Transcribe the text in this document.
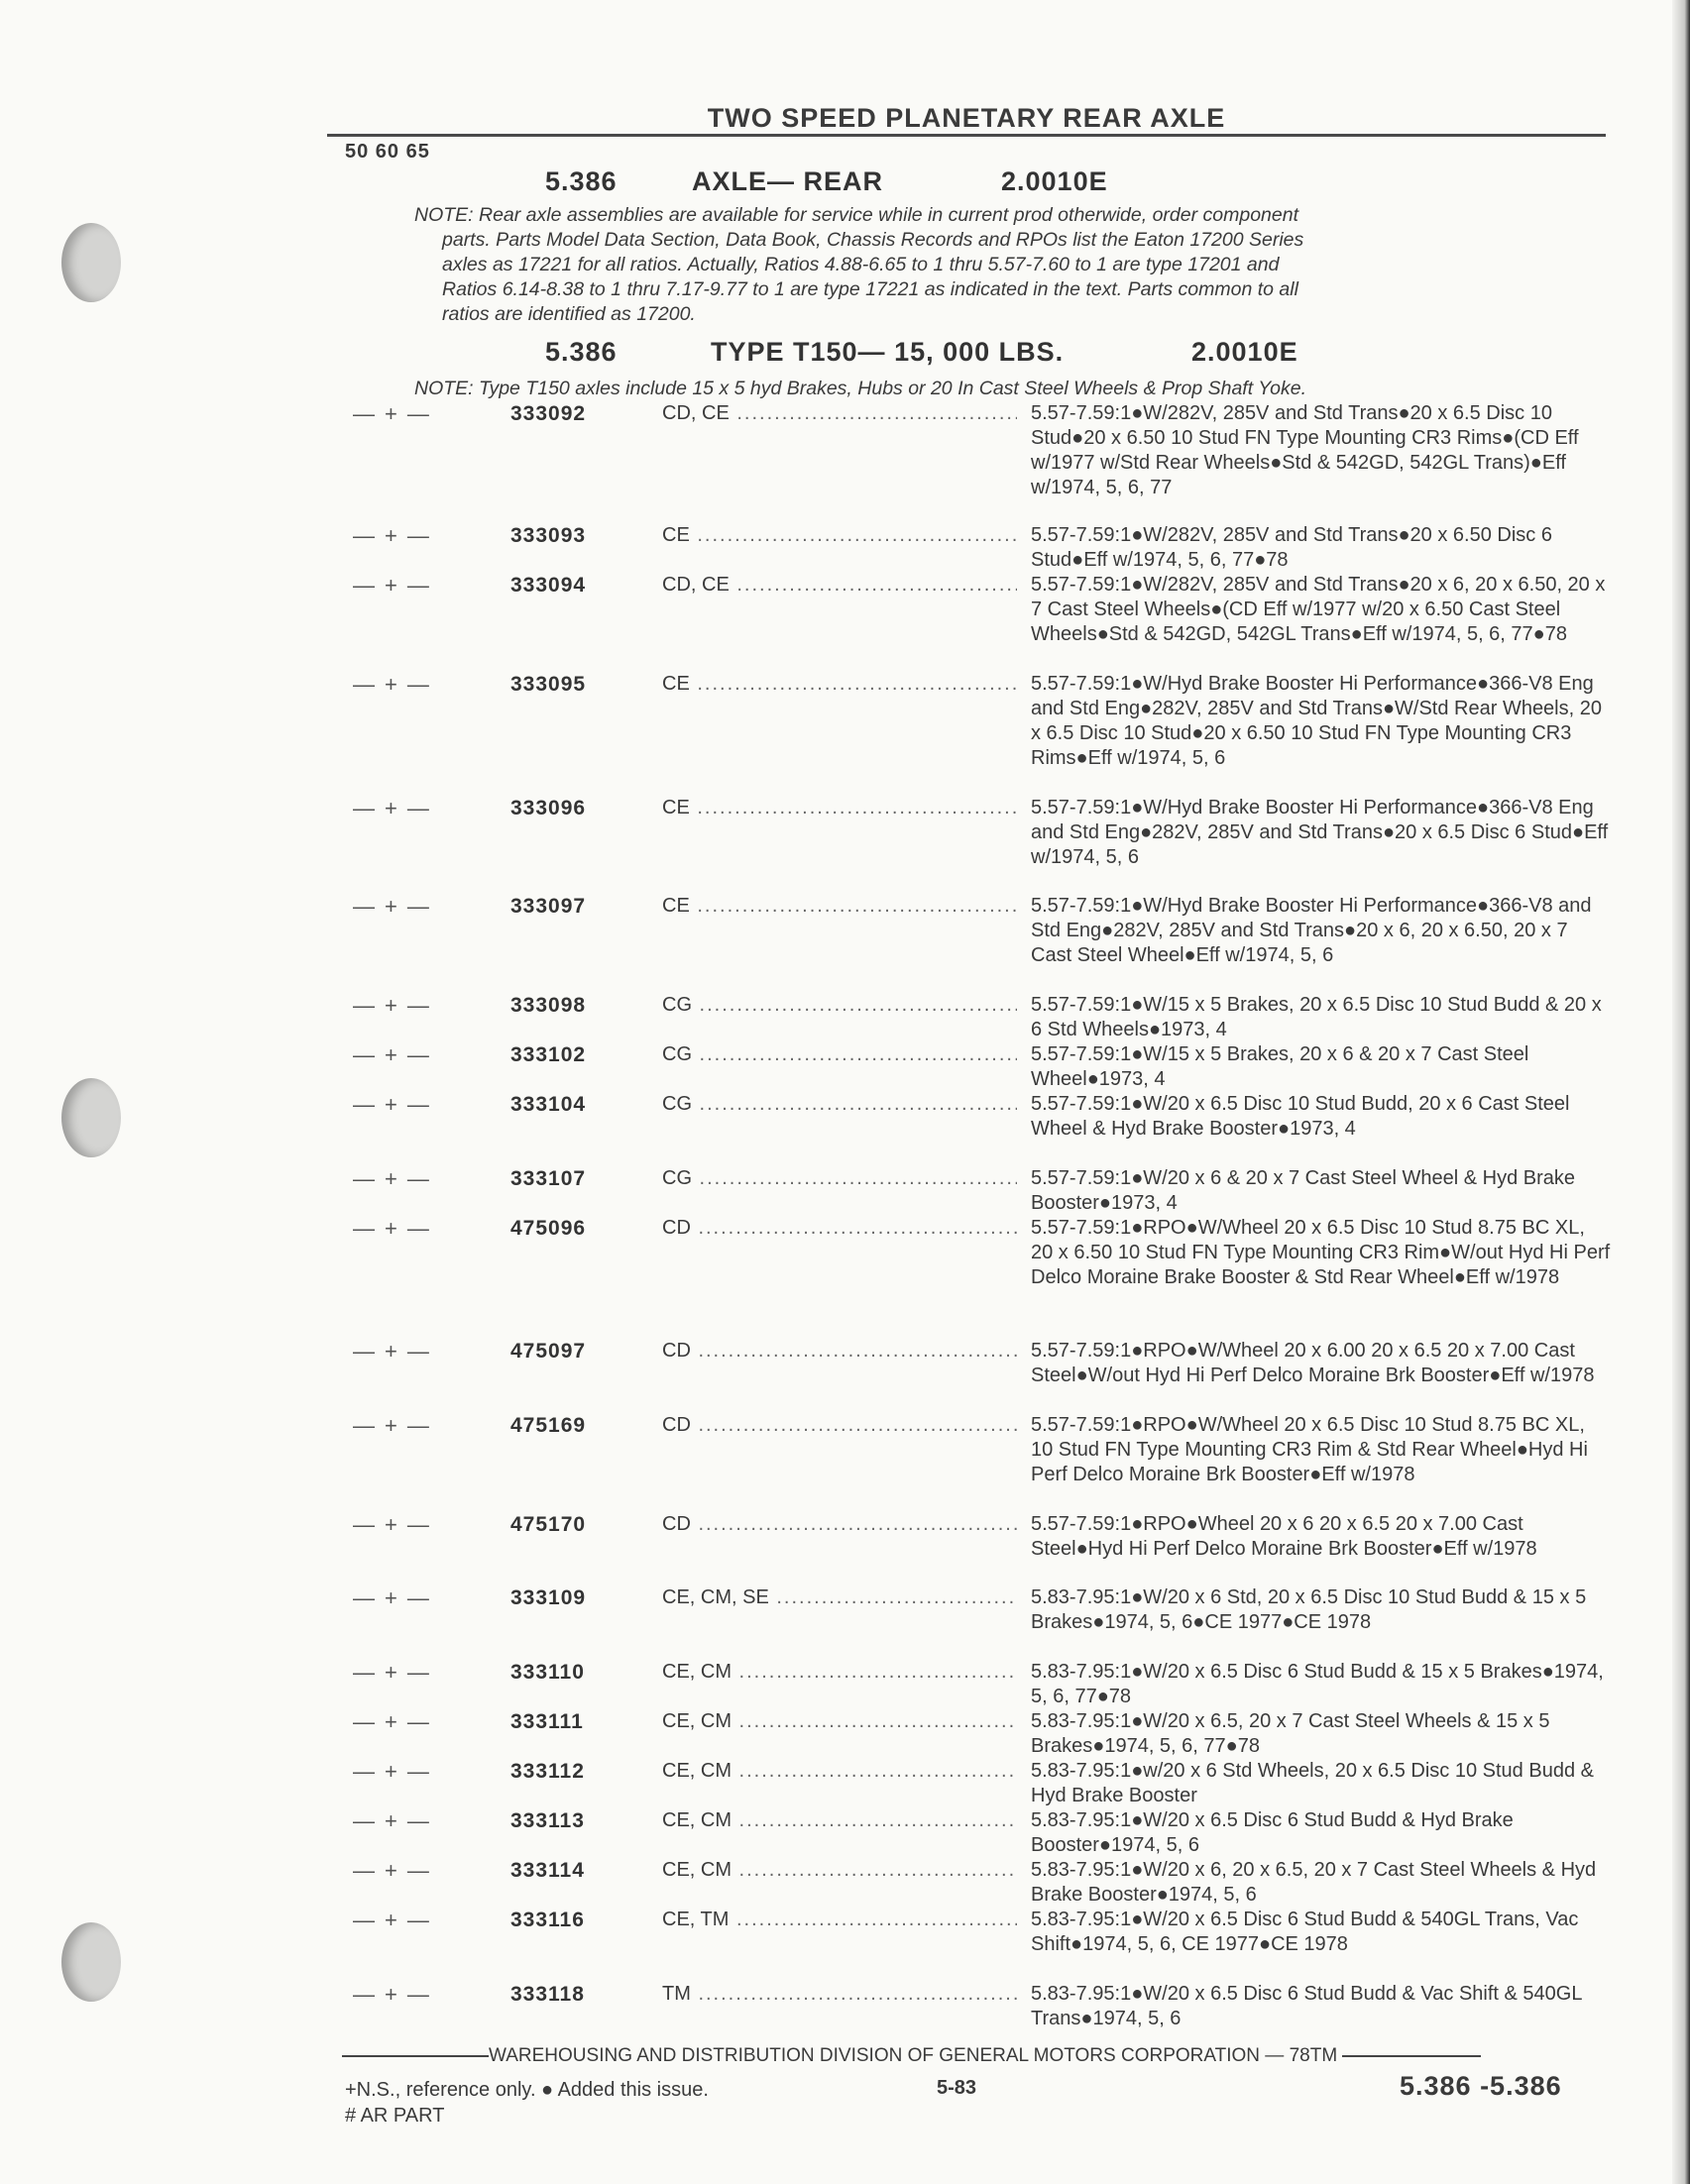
TWO SPEED PLANETARY REAR AXLE
50 60 65
5.386	AXLE— REAR	2.0010E
NOTE: Rear axle assemblies are available for service while in current prod otherwide, order component
parts. Parts Model Data Section, Data Book, Chassis Records and RPOs list the Eaton 17200 Series
axles as 17221 for all ratios. Actually, Ratios 4.88-6.65 to 1 thru 5.57-7.60 to 1 are type 17201 and
Ratios 6.14-8.38 to 1 thru 7.17-9.77 to 1 are type 17221 as indicated in the text. Parts common to all
ratios are identified as 17200.
5.386	TYPE T150— 15, 000 LBS.	2.0010E
NOTE: Type T150 axles include 15 x 5 hyd Brakes, Hubs or 20 In Cast Steel Wheels & Prop Shaft Yoke.
—+—	333092	CD, CE .....	5.57-7.59:1●W/282V, 285V and Std Trans●20 x 6.5 Disc 10 Stud●20 x 6.50 10 Stud FN Type Mounting CR3 Rims●(CD Eff w/1977 w/Std Rear Wheels●Std & 542GD, 542GL Trans)●Eff w/1974, 5, 6, 77
—+—	333093	CE .....	5.57-7.59:1●W/282V, 285V and Std Trans●20 x 6.50 Disc 6 Stud●Eff w/1974, 5, 6, 77●78
—+—	333094	CD, CE .....	5.57-7.59:1●W/282V, 285V and Std Trans●20 x 6, 20 x 6.50, 20 x 7 Cast Steel Wheels●(CD Eff w/1977 w/20 x 6.50 Cast Steel Wheels●Std & 542GD, 542GL Trans●Eff w/1974, 5, 6, 77●78
—+—	333095	CE .....	5.57-7.59:1●W/Hyd Brake Booster Hi Performance●366-V8 Eng and Std Eng●282V, 285V and Std Trans●W/Std Rear Wheels, 20 x 6.5 Disc 10 Stud●20 x 6.50 10 Stud FN Type Mounting CR3 Rims●Eff w/1974, 5, 6
—+—	333096	CE .....	5.57-7.59:1●W/Hyd Brake Booster Hi Performance●366-V8 Eng and Std Eng●282V, 285V and Std Trans●20 x 6.5 Disc 6 Stud●Eff w/1974, 5, 6
—+—	333097	CE .....	5.57-7.59:1●W/Hyd Brake Booster Hi Performance●366-V8 and Std Eng●282V, 285V and Std Trans●20 x 6, 20 x 6.50, 20 x 7 Cast Steel Wheel●Eff w/1974, 5, 6
—+—	333098	CG .....	5.57-7.59:1●W/15 x 5 Brakes, 20 x 6.5 Disc 10 Stud Budd & 20 x 6 Std Wheels●1973, 4
—+—	333102	CG .....	5.57-7.59:1●W/15 x 5 Brakes, 20 x 6 & 20 x 7 Cast Steel Wheel●1973, 4
—+—	333104	CG .....	5.57-7.59:1●W/20 x 6.5 Disc 10 Stud Budd, 20 x 6 Cast Steel Wheel & Hyd Brake Booster●1973, 4
—+—	333107	CG .....	5.57-7.59:1●W/20 x 6 & 20 x 7 Cast Steel Wheel & Hyd Brake Booster●1973, 4
—+—	475096	CD .....	5.57-7.59:1●RPO●W/Wheel 20 x 6.5 Disc 10 Stud 8.75 BC XL, 20 x 6.50 10 Stud FN Type Mounting CR3 Rim●W/out Hyd Hi Perf Delco Moraine Brake Booster & Std Rear Wheel●Eff w/1978
—+—	475097	CD .....	5.57-7.59:1●RPO●W/Wheel 20 x 6.00 20 x 6.5 20 x 7.00 Cast Steel●W/out Hyd Hi Perf Delco Moraine Brk Booster●Eff w/1978
—+—	475169	CD .....	5.57-7.59:1●RPO●W/Wheel 20 x 6.5 Disc 10 Stud 8.75 BC XL, 10 Stud FN Type Mounting CR3 Rim & Std Rear Wheel●Hyd Hi Perf Delco Moraine Brk Booster●Eff w/1978
—+—	475170	CD .....	5.57-7.59:1●RPO●Wheel 20 x 6 20 x 6.5 20 x 7.00 Cast Steel●Hyd Hi Perf Delco Moraine Brk Booster●Eff w/1978
—+—	333109	CE, CM, SE .....	5.83-7.95:1●W/20 x 6 Std, 20 x 6.5 Disc 10 Stud Budd & 15 x 5 Brakes●1974, 5, 6●CE 1977●CE 1978
—+—	333110	CE, CM .....	5.83-7.95:1●W/20 x 6.5 Disc 6 Stud Budd & 15 x 5 Brakes●1974, 5, 6, 77●78
—+—	333111	CE, CM .....	5.83-7.95:1●W/20 x 6.5, 20 x 7 Cast Steel Wheels & 15 x 5 Brakes●1974, 5, 6, 77●78
—+—	333112	CE, CM .....	5.83-7.95:1●w/20 x 6 Std Wheels, 20 x 6.5 Disc 10 Stud Budd & Hyd Brake Booster
—+—	333113	CE, CM .....	5.83-7.95:1●W/20 x 6.5 Disc 6 Stud Budd & Hyd Brake Booster●1974, 5, 6
—+—	333114	CE, CM .....	5.83-7.95:1●W/20 x 6, 20 x 6.5, 20 x 7 Cast Steel Wheels & Hyd Brake Booster●1974, 5, 6
—+—	333116	CE, TM .....	5.83-7.95:1●W/20 x 6.5 Disc 6 Stud Budd & 540GL Trans, Vac Shift●1974, 5, 6, CE 1977●CE 1978
—+—	333118	TM .....	5.83-7.95:1●W/20 x 6.5 Disc 6 Stud Budd & Vac Shift & 540GL Trans●1974, 5, 6
WAREHOUSING AND DISTRIBUTION DIVISION OF GENERAL MOTORS CORPORATION — 78TM
+N.S., reference only. ● Added this issue.
# AR PART
5-83	5.386 -5.386
